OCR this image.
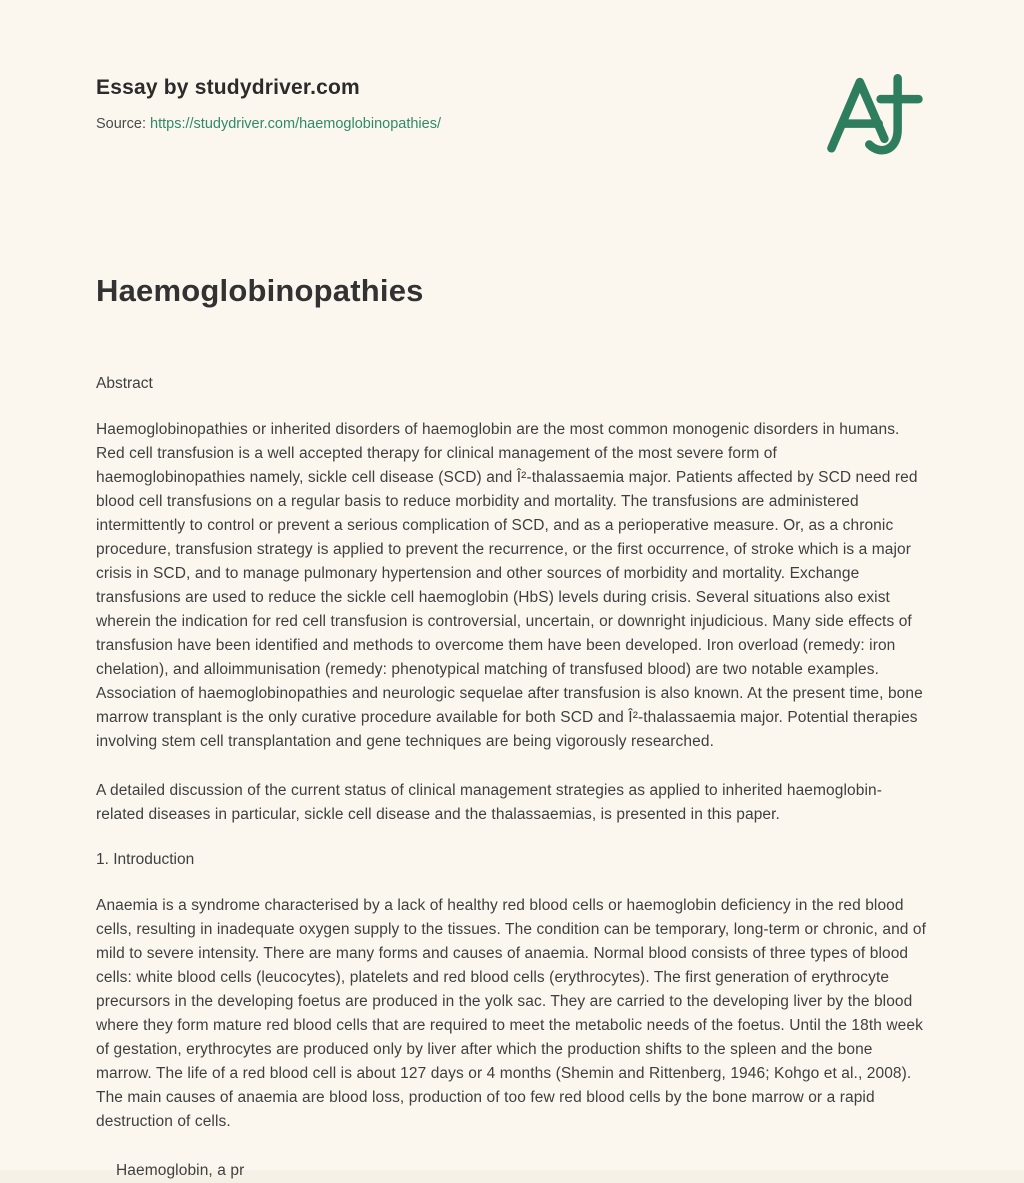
Essay by studydriver.com
Source: https://studydriver.com/haemoglobinopathies/
Haemoglobinopathies
Abstract

Haemoglobinopathies or inherited disorders of haemoglobin are the most common monogenic disorders in humans. Red cell transfusion is a well accepted therapy for clinical management of the most severe form of haemoglobinopathies namely, sickle cell disease (SCD) and Î²-thalassaemia major. Patients affected by SCD need red blood cell transfusions on a regular basis to reduce morbidity and mortality. The transfusions are administered intermittently to control or prevent a serious complication of SCD, and as a perioperative measure. Or, as a chronic procedure, transfusion strategy is applied to prevent the recurrence, or the first occurrence, of stroke which is a major crisis in SCD, and to manage pulmonary hypertension and other sources of morbidity and mortality. Exchange transfusions are used to reduce the sickle cell haemoglobin (HbS) levels during crisis. Several situations also exist wherein the indication for red cell transfusion is controversial, uncertain, or downright injudicious. Many side effects of transfusion have been identified and methods to overcome them have been developed. Iron overload (remedy: iron chelation), and alloimmunisation (remedy: phenotypical matching of transfused blood) are two notable examples. Association of haemoglobinopathies and neurologic sequelae after transfusion is also known. At the present time, bone marrow transplant is the only curative procedure available for both SCD and Î²-thalassaemia major. Potential therapies involving stem cell transplantation and gene techniques are being vigorously researched.

A detailed discussion of the current status of clinical management strategies as applied to inherited haemoglobin-related diseases in particular, sickle cell disease and the thalassaemias, is presented in this paper.

1. Introduction

Anaemia is a syndrome characterised by a lack of healthy red blood cells or haemoglobin deficiency in the red blood cells, resulting in inadequate oxygen supply to the tissues. The condition can be temporary, long-term or chronic, and of mild to severe intensity. There are many forms and causes of anaemia. Normal blood consists of three types of blood cells: white blood cells (leucocytes), platelets and red blood cells (erythrocytes). The first generation of erythrocyte precursors in the developing foetus are produced in the yolk sac. They are carried to the developing liver by the blood where they form mature red blood cells that are required to meet the metabolic needs of the foetus. Until the 18th week of gestation, erythrocytes are produced only by liver after which the production shifts to the spleen and the bone marrow. The life of a red blood cell is about 127 days or 4 months (Shemin and Rittenberg, 1946; Kohgo et al., 2008). The main causes of anaemia are blood loss, production of too few red blood cells by the bone marrow or a rapid destruction of cells.

Haemoglobin, a pr
